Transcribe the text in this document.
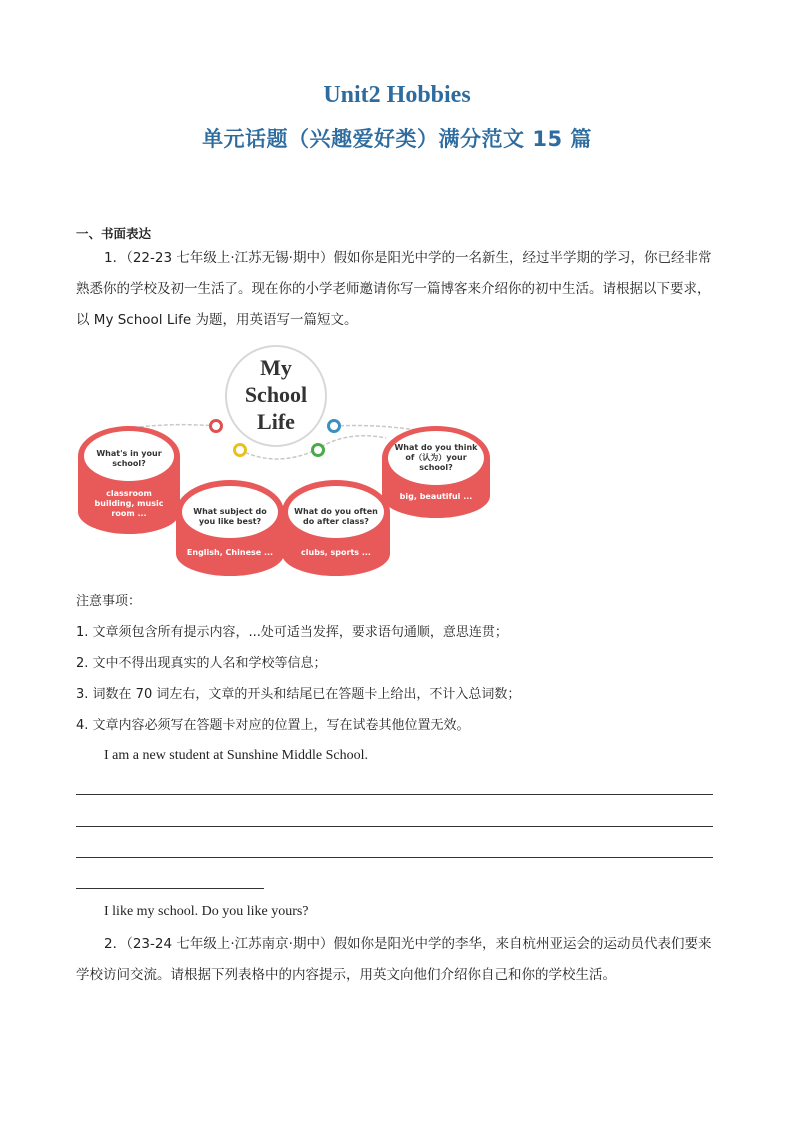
Unit2 Hobbies
单元话题（兴趣爱好类）满分范文 15 篇
一、书面表达
1．（22-23 七年级上·江苏无锡·期中）假如你是阳光中学的一名新生，经过半学期的学习，你已经非常熟悉你的学校及初一生活了。现在你的小学老师邀请你写一篇博客来介绍你的初中生活。请根据以下要求，以 My School Life 为题，用英语写一篇短文。
My
School
Life
What's in your
school?
classroom
building, music
room ...	What subject do
you like best?
English, Chinese ...
What do you often
do after class?
clubs, sports ...
What do you think
of（认为）your
school?
big, beautiful ...
注意事项：
1. 文章须包含所有提示内容，...处可适当发挥，要求语句通顺，意思连贯；
2. 文中不得出现真实的人名和学校等信息；
3. 词数在 70 词左右，文章的开头和结尾已在答题卡上给出，不计入总词数；
4. 文章内容必须写在答题卡对应的位置上，写在试卷其他位置无效。
I am a new student at Sunshine Middle School.
I like my school. Do you like yours?
2．（23-24 七年级上·江苏南京·期中）假如你是阳光中学的李华，来自杭州亚运会的运动员代表们要来学校访问交流。请根据下列表格中的内容提示，用英文向他们介绍你自己和你的学校生活。
